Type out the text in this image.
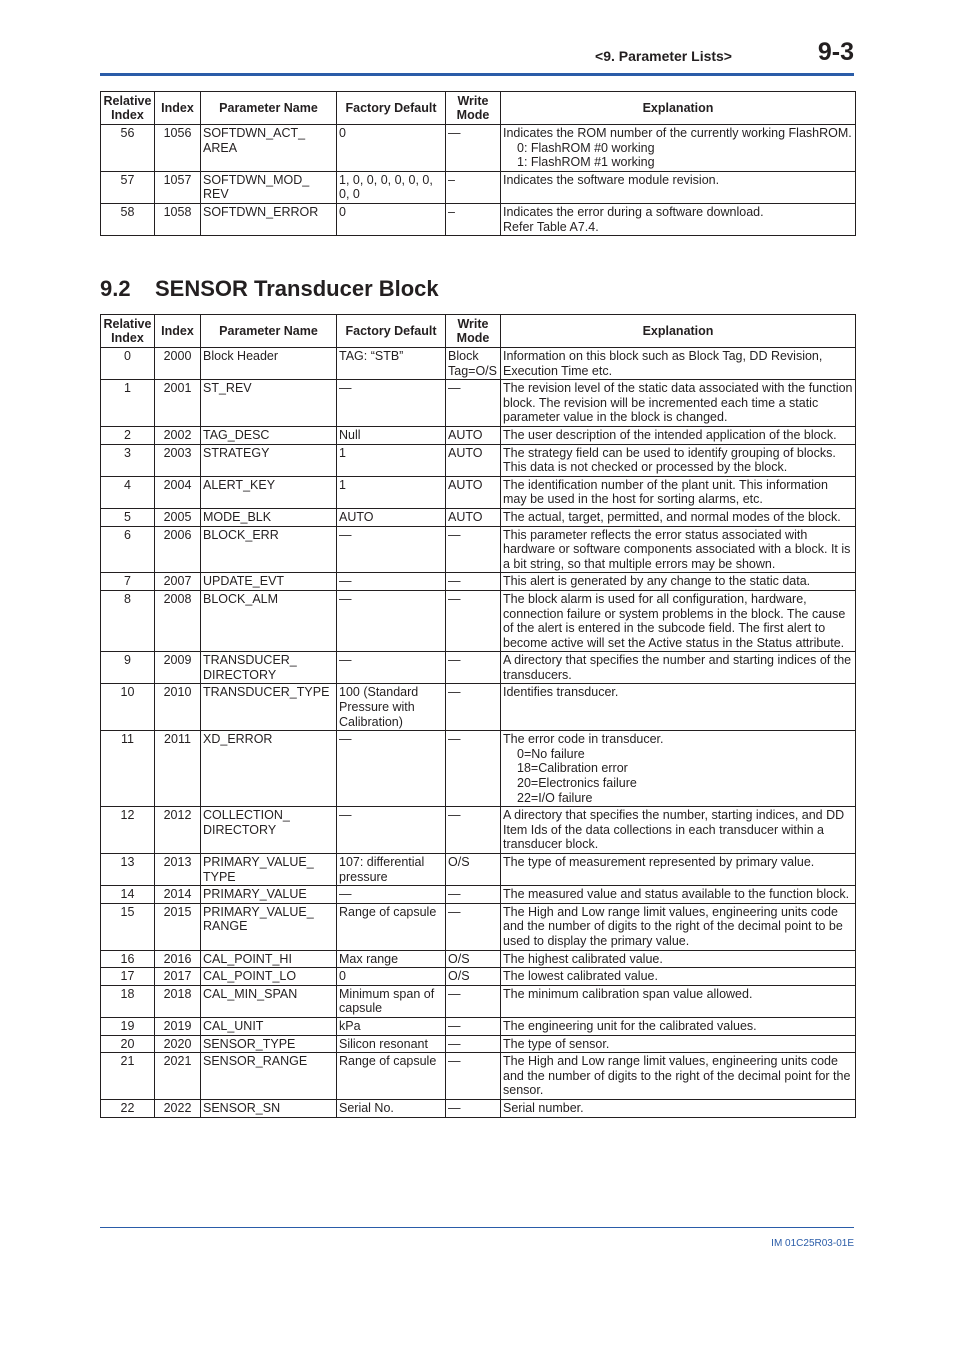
<9. Parameter Lists>	9-3
Relative Index	Index	Parameter Name	Factory Default	Write Mode	Explanation
56	1056	SOFTDWN_ACT_ AREA	0	—	Indicates the ROM number of the currently working FlashROM.
0: FlashROM #0 working
1: FlashROM #1 working

57	1057	SOFTDWN_MOD_ REV	1, 0, 0, 0, 0, 0, 0, 0, 0	–	Indicates the software module revision.

58	1058	SOFTDWN_ERROR	0	–	Indicates the error during a software download.
Refer Table A7.4.
9.2 SENSOR Transducer Block
Relative Index	Index	Parameter Name	Factory Default	Write Mode	Explanation
0	2000	Block Header	TAG: “STB”	Block Tag=O/S	Information on this block such as Block Tag, DD Revision, Execution Time etc.

1	2001	ST_REV	—	—	The revision level of the static data associated with the function block. The revision will be incremented each time a static parameter value in the block is changed.

2	2002	TAG_DESC	Null	AUTO	The user description of the intended application of the block.

3	2003	STRATEGY	1	AUTO	The strategy field can be used to identify grouping of blocks. This data is not checked or processed by the block.

4	2004	ALERT_KEY	1	AUTO	The identification number of the plant unit. This information may be used in the host for sorting alarms, etc.

5	2005	MODE_BLK	AUTO	AUTO	The actual, target, permitted, and normal modes of the block.

6	2006	BLOCK_ERR	—	—	This parameter reflects the error status associated with hardware or software components associated with a block. It is a bit string, so that multiple errors may be shown.

7	2007	UPDATE_EVT	—	—	This alert is generated by any change to the static data.

8	2008	BLOCK_ALM	—	—	The block alarm is used for all configuration, hardware, connection failure or system problems in the block. The cause of the alert is entered in the subcode field. The first alert to become active will set the Active status in the Status attribute.

9	2009	TRANSDUCER_ DIRECTORY	—	—	A directory that specifies the number and starting indices of the transducers.

10	2010	TRANSDUCER_TYPE	100 (Standard Pressure with Calibration)	—	Identifies transducer.

11	2011	XD_ERROR	—	—	The error code in transducer.
0=No failure
18=Calibration error
20=Electronics failure
22=I/O failure

12	2012	COLLECTION_ DIRECTORY	—	—	A directory that specifies the number, starting indices, and DD Item Ids of the data collections in each transducer within a transducer block.

13	2013	PRIMARY_VALUE_ TYPE	107: differential pressure	O/S	The type of measurement represented by primary value.

14	2014	PRIMARY_VALUE	—	—	The measured value and status available to the function block.

15	2015	PRIMARY_VALUE_ RANGE	Range of capsule	—	The High and Low range limit values, engineering units code and the number of digits to the right of the decimal point to be used to display the primary value.

16	2016	CAL_POINT_HI	Max range	O/S	The highest calibrated value.

17	2017	CAL_POINT_LO	0	O/S	The lowest calibrated value.

18	2018	CAL_MIN_SPAN	Minimum span of capsule	—	The minimum calibration span value allowed.

19	2019	CAL_UNIT	kPa	—	The engineering unit for the calibrated values.

20	2020	SENSOR_TYPE	Silicon resonant	—	The type of sensor.

21	2021	SENSOR_RANGE	Range of capsule	—	The High and Low range limit values, engineering units code and the number of digits to the right of the decimal point for the sensor.

22	2022	SENSOR_SN	Serial No.	—	Serial number.
IM 01C25R03-01E
